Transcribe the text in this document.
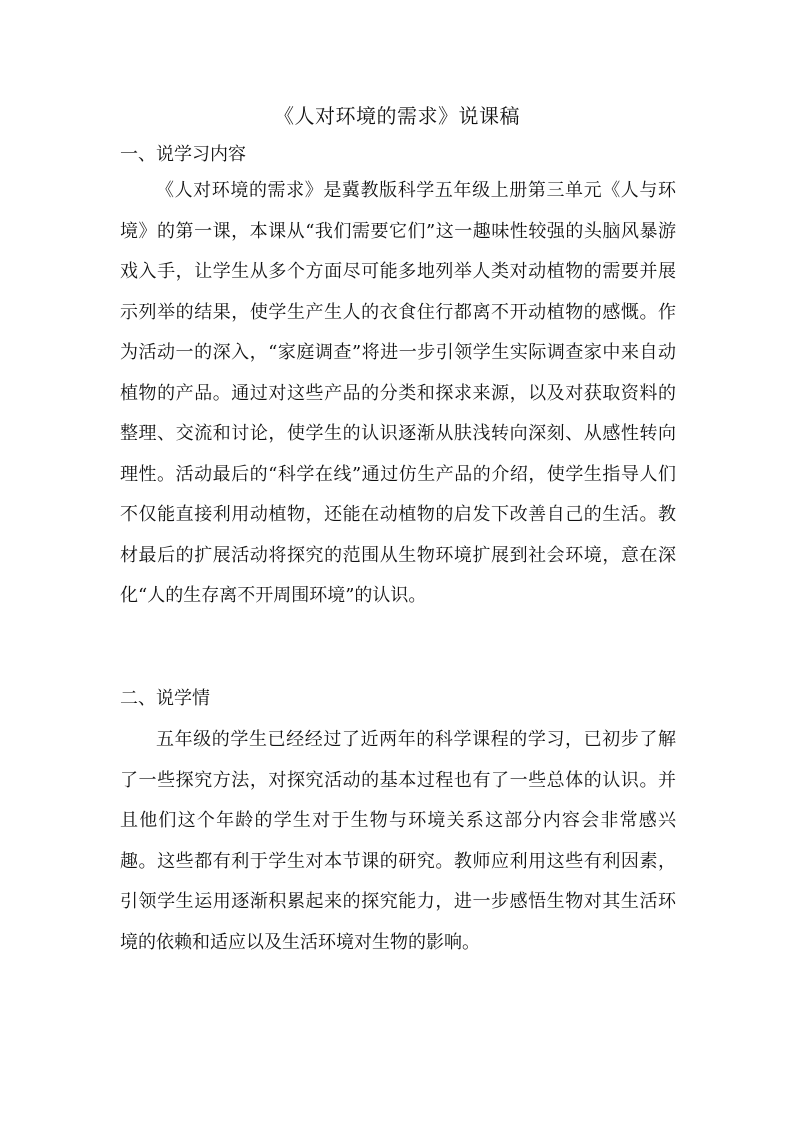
《人对环境的需求》说课稿
一、说学习内容

《人对环境的需求》是冀教版科学五年级上册第三单元《人与环境》的第一课，本课从“我们需要它们”这一趣味性较强的头脑风暴游戏入手，让学生从多个方面尽可能多地列举人类对动植物的需要并展示列举的结果，使学生产生人的衣食住行都离不开动植物的感慨。作为活动一的深入，“家庭调查”将进一步引领学生实际调查家中来自动植物的产品。通过对这些产品的分类和探求来源，以及对获取资料的整理、交流和讨论，使学生的认识逐渐从肤浅转向深刻、从感性转向理性。活动最后的“科学在线”通过仿生产品的介绍，使学生指导人们不仅能直接利用动植物，还能在动植物的启发下改善自己的生活。教材最后的扩展活动将探究的范围从生物环境扩展到社会环境，意在深化“人的生存离不开周围环境”的认识。

二、说学情

五年级的学生已经经过了近两年的科学课程的学习，已初步了解了一些探究方法，对探究活动的基本过程也有了一些总体的认识。并且他们这个年龄的学生对于生物与环境关系这部分内容会非常感兴趣。这些都有利于学生对本节课的研究。教师应利用这些有利因素，引领学生运用逐渐积累起来的探究能力，进一步感悟生物对其生活环境的依赖和适应以及生活环境对生物的影响。
